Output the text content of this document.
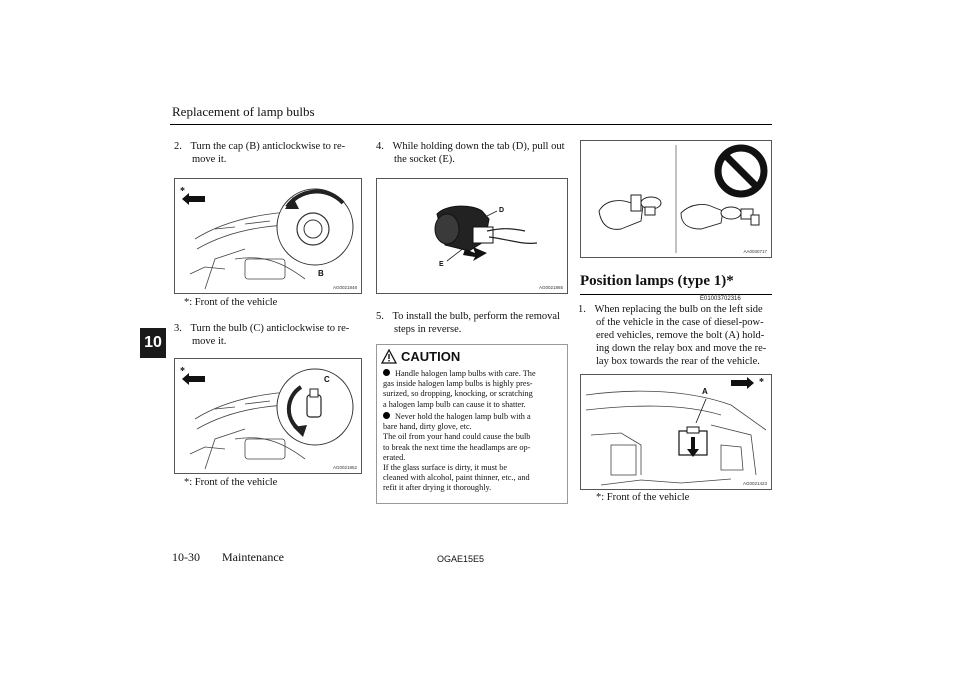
Replacement of lamp bulbs
10
2. Turn the cap (B) anticlockwise to re-
move it.
*
B
AG0021848
*: Front of the vehicle
3. Turn the bulb (C) anticlockwise to re-
move it.
*
C
AG0021852
*: Front of the vehicle
4. While holding down the tab (D), pull out
the socket (E).
D
E
AG0021865
5. To install the bulb, perform the removal
steps in reverse.
CAUTION
Handle halogen lamp bulbs with care. The
gas inside halogen lamp bulbs is highly pres-
surized, so dropping, knocking, or scratching
a halogen lamp bulb can cause it to shatter.
Never hold the halogen lamp bulb with a
bare hand, dirty glove, etc.
The oil from your hand could cause the bulb
to break the next time the headlamps are op-
erated.
If the glass surface is dirty, it must be
cleaned with alcohol, paint thinner, etc., and
refit it after drying it thoroughly.
AA0030717
Position lamps (type 1)*
E01003702316
1. When replacing the bulb on the left side
of the vehicle in the case of diesel-pow-
ered vehicles, remove the bolt (A) hold-
ing down the relay box and move the re-
lay box towards the rear of the vehicle.
*
A
AG0021423
*: Front of the vehicle
10-30 Maintenance	OGAE15E5
